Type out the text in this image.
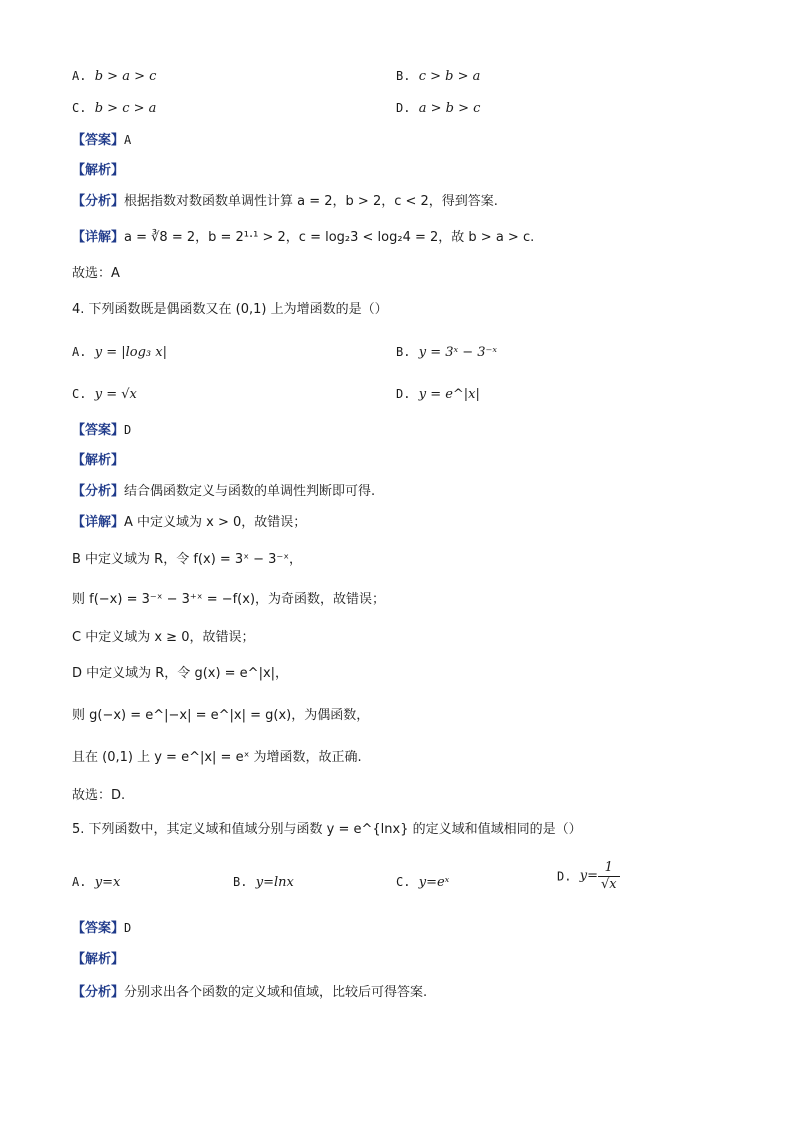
A. b > a > c	B. c > b > a
C. b > c > a	D. a > b > c
【答案】A
【解析】
【分析】根据指数对数函数单调性计算 a = 2，b > 2，c < 2，得到答案.
【详解】a = ∛8 = 2，b = 2¹·¹ > 2，c = log₂3 < log₂4 = 2，故 b > a > c.
故选：A
4. 下列函数既是偶函数又在 (0,1) 上为增函数的是（）
A. y = |log₃ x|	B. y = 3ˣ − 3⁻ˣ
C. y = √x	D. y = e^|x|
【答案】D
【解析】
【分析】结合偶函数定义与函数的单调性判断即可得.
【详解】A 中定义域为 x > 0，故错误；
B 中定义域为 R，令 f(x) = 3ˣ − 3⁻ˣ，
则 f(−x) = 3⁻ˣ − 3⁺ˣ = −f(x)，为奇函数，故错误；
C 中定义域为 x ≥ 0，故错误；
D 中定义域为 R，令 g(x) = e^|x|，
则 g(−x) = e^|−x| = e^|x| = g(x)，为偶函数，
且在 (0,1) 上 y = e^|x| = eˣ 为增函数，故正确.
故选：D.
5. 下列函数中，其定义域和值域分别与函数 y = e^{lnx} 的定义域和值域相同的是（）
A. y=x	B. y=lnx	C. y=eˣ	D. $y= \frac{1}{√x}$
【答案】D
【解析】
【分析】分别求出各个函数的定义域和值域，比较后可得答案.
